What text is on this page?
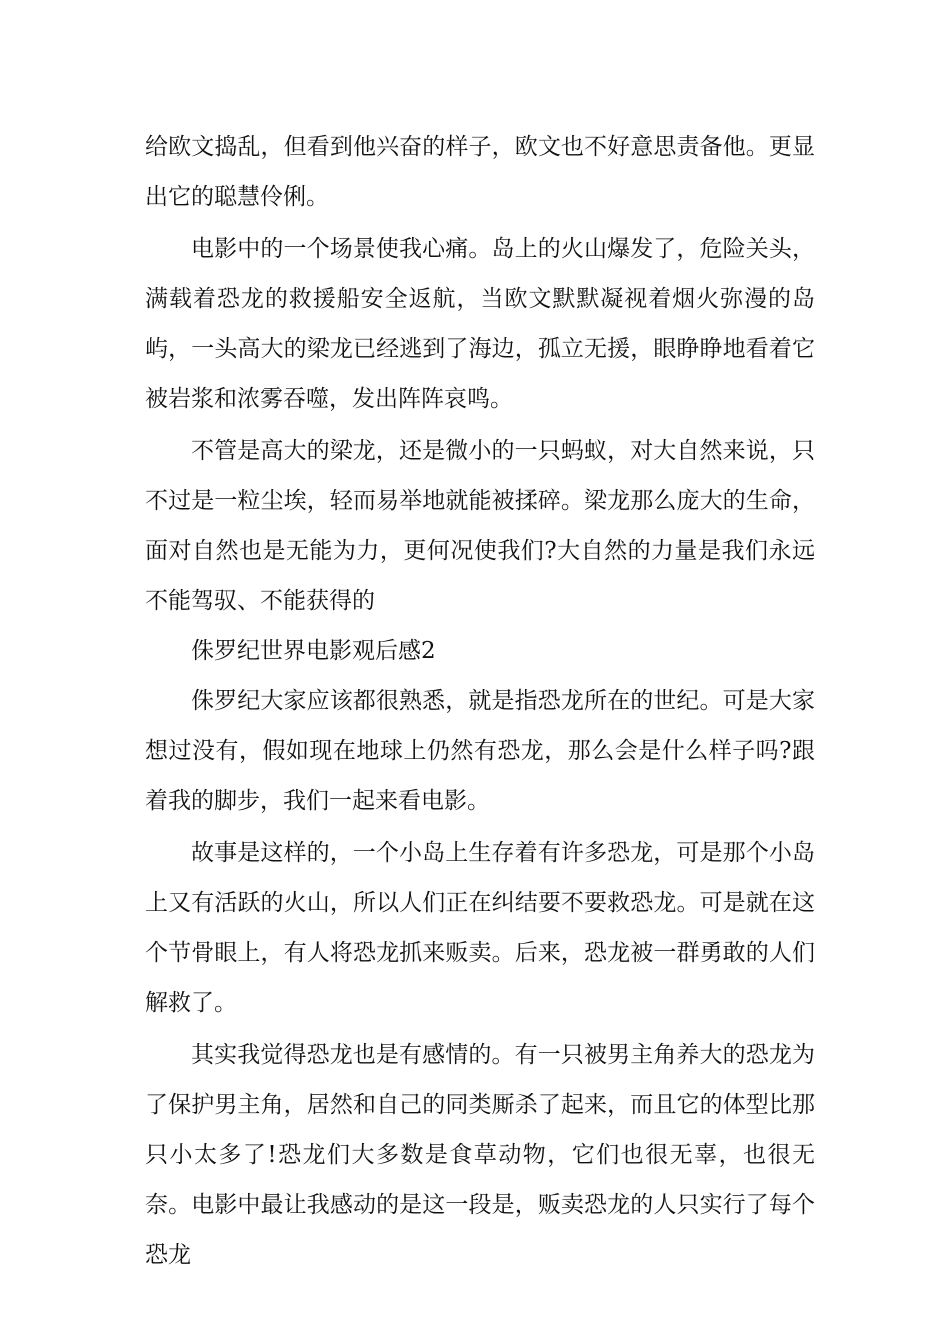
给欧文捣乱，但看到他兴奋的样子，欧文也不好意思责备他。更显出它的聪慧伶俐。

电影中的一个场景使我心痛。岛上的火山爆发了，危险关头，满载着恐龙的救援船安全返航，当欧文默默凝视着烟火弥漫的岛屿，一头高大的梁龙已经逃到了海边，孤立无援，眼睁睁地看着它被岩浆和浓雾吞噬，发出阵阵哀鸣。

不管是高大的梁龙，还是微小的一只蚂蚁，对大自然来说，只不过是一粒尘埃，轻而易举地就能被揉碎。梁龙那么庞大的生命，面对自然也是无能为力，更何况使我们?大自然的力量是我们永远不能驾驭、不能获得的

侏罗纪世界电影观后感2

侏罗纪大家应该都很熟悉，就是指恐龙所在的世纪。可是大家想过没有，假如现在地球上仍然有恐龙，那么会是什么样子吗?跟着我的脚步，我们一起来看电影。

故事是这样的，一个小岛上生存着有许多恐龙，可是那个小岛上又有活跃的火山，所以人们正在纠结要不要救恐龙。可是就在这个节骨眼上，有人将恐龙抓来贩卖。后来，恐龙被一群勇敢的人们解救了。

其实我觉得恐龙也是有感情的。有一只被男主角养大的恐龙为了保护男主角，居然和自己的同类厮杀了起来，而且它的体型比那只小太多了!恐龙们大多数是食草动物，它们也很无辜，也很无奈。电影中最让我感动的是这一段是，贩卖恐龙的人只实行了每个恐龙
